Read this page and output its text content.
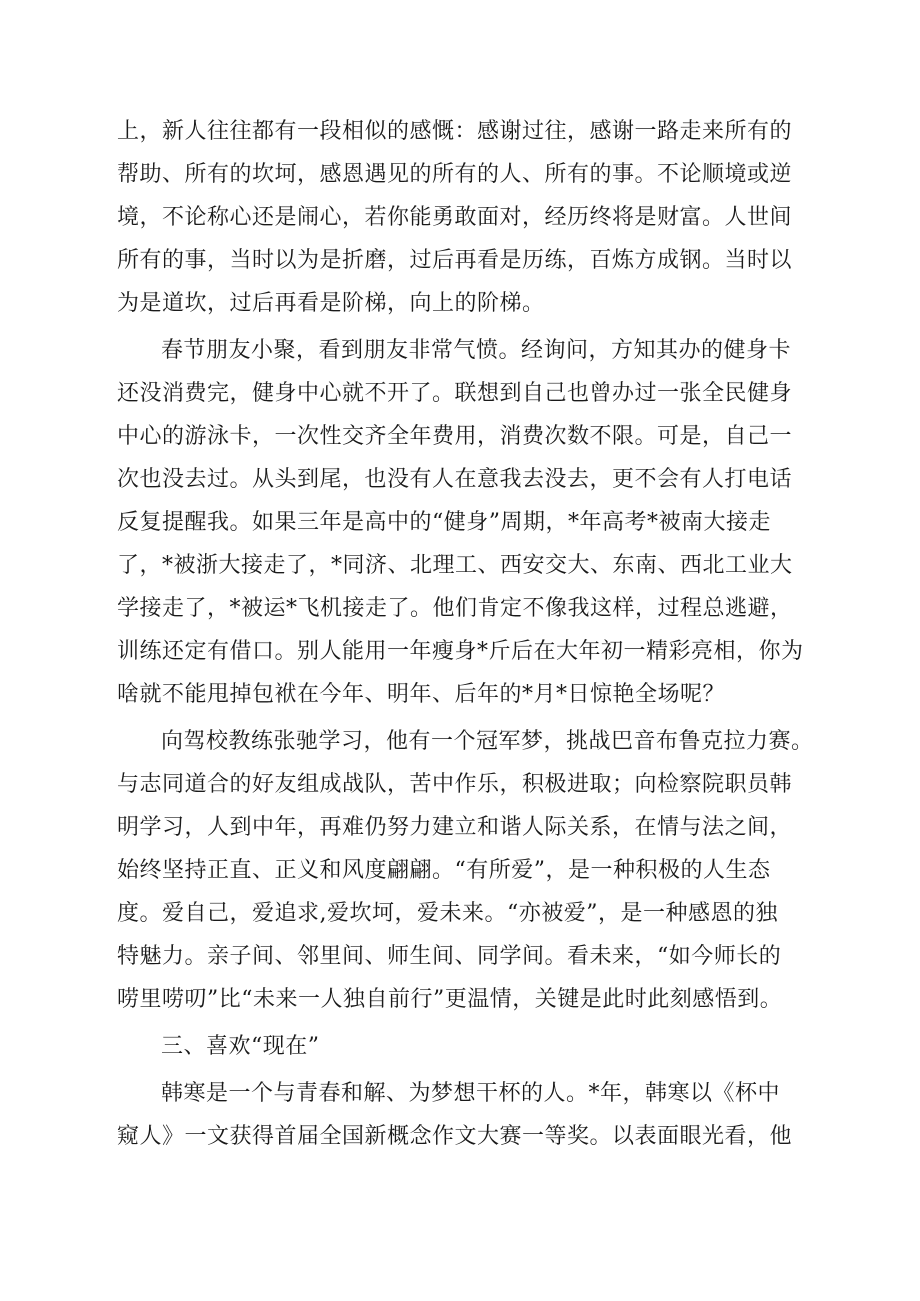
上，新人往往都有一段相似的感慨：感谢过往，感谢一路走来所有的
帮助、所有的坎坷，感恩遇见的所有的人、所有的事。不论顺境或逆
境，不论称心还是闹心，若你能勇敢面对，经历终将是财富。人世间
所有的事，当时以为是折磨，过后再看是历练，百炼方成钢。当时以
为是道坎，过后再看是阶梯，向上的阶梯。
春节朋友小聚，看到朋友非常气愤。经询问，方知其办的健身卡
还没消费完，健身中心就不开了。联想到自己也曾办过一张全民健身
中心的游泳卡，一次性交齐全年费用，消费次数不限。可是，自己一
次也没去过。从头到尾，也没有人在意我去没去，更不会有人打电话
反复提醒我。如果三年是高中的“健身”周期，*年高考*被南大接走
了，*被浙大接走了，*同济、北理工、西安交大、东南、西北工业大
学接走了，*被运*飞机接走了。他们肯定不像我这样，过程总逃避，
训练还定有借口。别人能用一年瘦身*斤后在大年初一精彩亮相，你为
啥就不能甩掉包袱在今年、明年、后年的*月*日惊艳全场呢？
向驾校教练张驰学习，他有一个冠军梦，挑战巴音布鲁克拉力赛。
与志同道合的好友组成战队，苦中作乐，积极进取；向检察院职员韩
明学习，人到中年，再难仍努力建立和谐人际关系，在情与法之间，
始终坚持正直、正义和风度翩翩。“有所爱”，是一种积极的人生态
度。爱自己，爱追求,爱坎坷，爱未来。“亦被爱”，是一种感恩的独
特魅力。亲子间、邻里间、师生间、同学间。看未来，“如今师长的
唠里唠叨”比“未来一人独自前行”更温情，关键是此时此刻感悟到。
三、喜欢“现在”
韩寒是一个与青春和解、为梦想干杯的人。*年，韩寒以《杯中
窥人》一文获得首届全国新概念作文大赛一等奖。以表面眼光看，他
